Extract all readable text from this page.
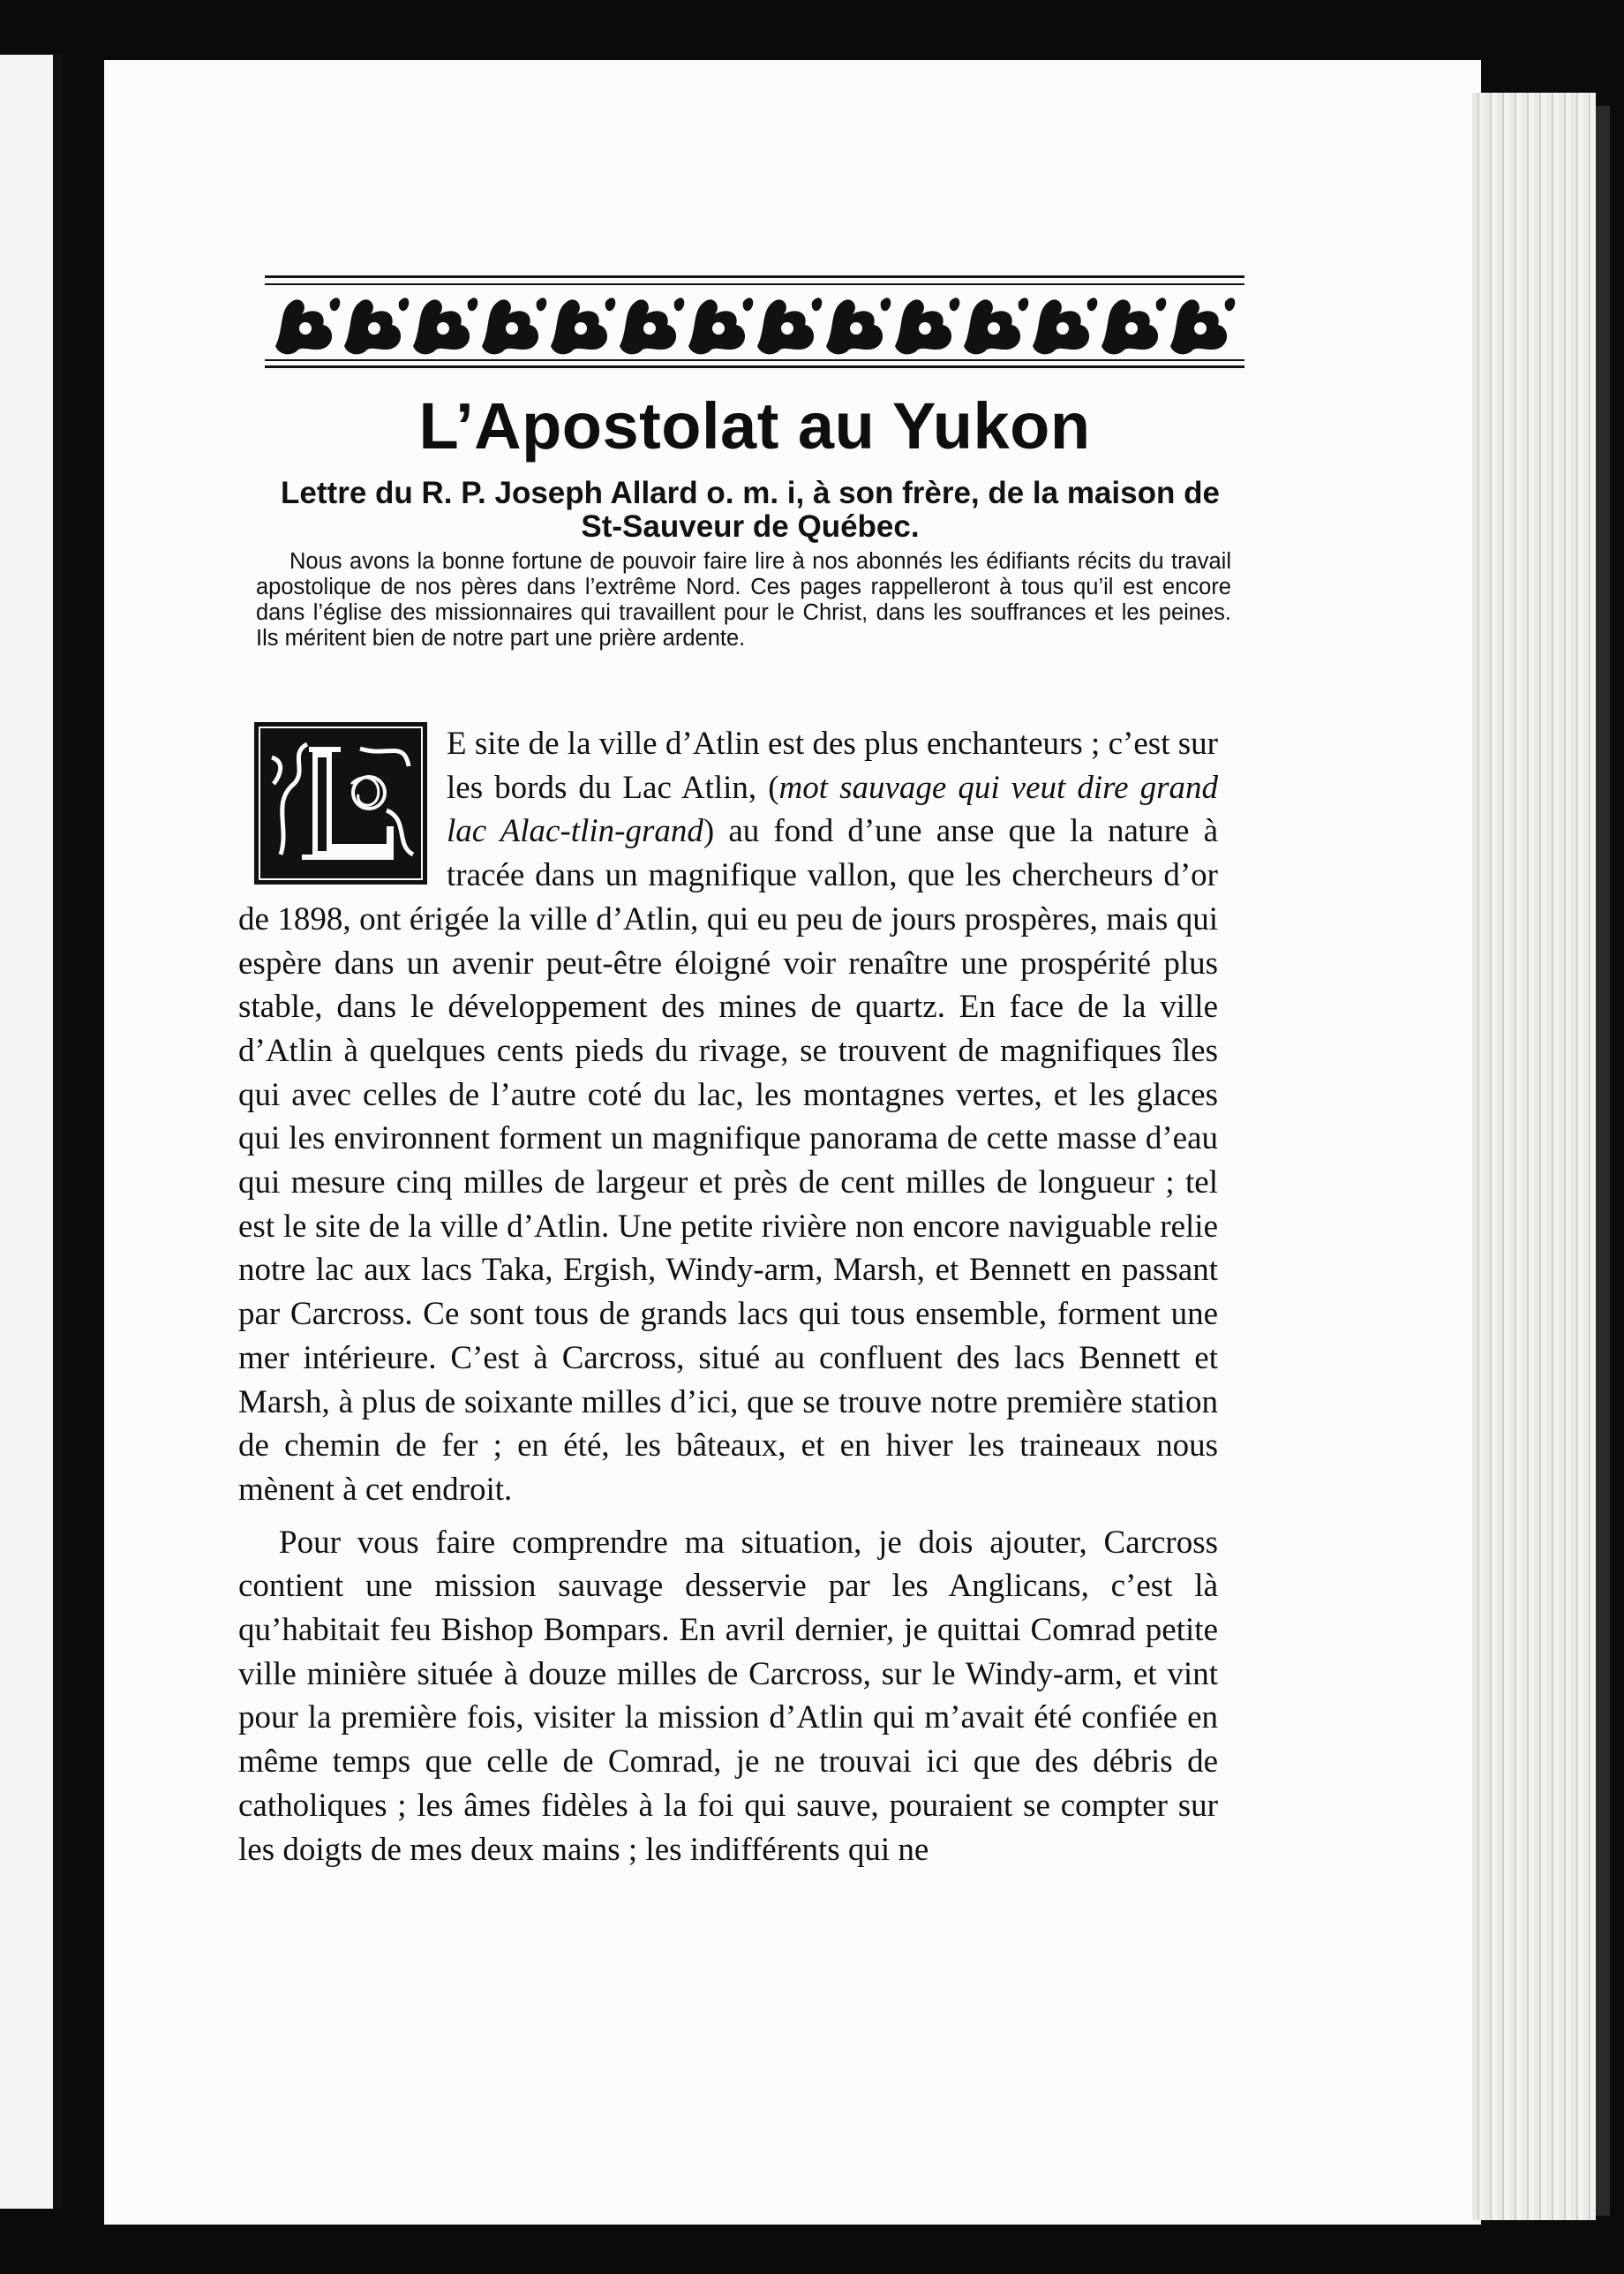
L’Apostolat au Yukon
Lettre du R. P. Joseph Allard o. m. i, à son frère, de la maison de St-Sauveur de Québec.
Nous avons la bonne fortune de pouvoir faire lire à nos abonnés les édifiants récits du travail apostolique de nos pères dans l’extrême Nord. Ces pages rappelleront à tous qu’il est encore dans l’église des missionnaires qui travaillent pour le Christ, dans les souffrances et les peines. Ils méritent bien de notre part une prière ardente.

E site de la ville d’Atlin est des plus enchanteurs ; c’est sur les bords du Lac Atlin, (mot sauvage qui veut dire grand lac Alac-tlin-grand) au fond d’une anse que la nature à tracée dans un magnifique vallon, que les chercheurs d’or de 1898, ont érigée la ville d’Atlin, qui eu peu de jours prospères, mais qui espère dans un avenir peut-être éloigné voir renaître une prospérité plus stable, dans le développement des mines de quartz. En face de la ville d’Atlin à quelques cents pieds du rivage, se trouvent de magnifiques îles qui avec celles de l’autre coté du lac, les montagnes vertes, et les glaces qui les environnent forment un magnifique panorama de cette masse d’eau qui mesure cinq milles de largeur et près de cent milles de longueur ; tel est le site de la ville d’Atlin. Une petite rivière non encore naviguable relie notre lac aux lacs Taka, Ergish, Windy-arm, Marsh, et Bennett en passant par Carcross. Ce sont tous de grands lacs qui tous ensemble, forment une mer intérieure. C’est à Carcross, situé au confluent des lacs Bennett et Marsh, à plus de soixante milles d’ici, que se trouve notre première station de chemin de fer ; en été, les bâteaux, et en hiver les traineaux nous mènent à cet endroit.

Pour vous faire comprendre ma situation, je dois ajouter, Carcross contient une mission sauvage desservie par les Anglicans, c’est là qu’habitait feu Bishop Bompars. En avril dernier, je quittai Comrad petite ville minière située à douze milles de Carcross, sur le Windy-arm, et vint pour la première fois, visiter la mission d’Atlin qui m’avait été confiée en même temps que celle de Comrad, je ne trouvai ici que des débris de catholiques ; les âmes fidèles à la foi qui sauve, pouraient se compter sur les doigts de mes deux mains ; les indifférents qui ne
